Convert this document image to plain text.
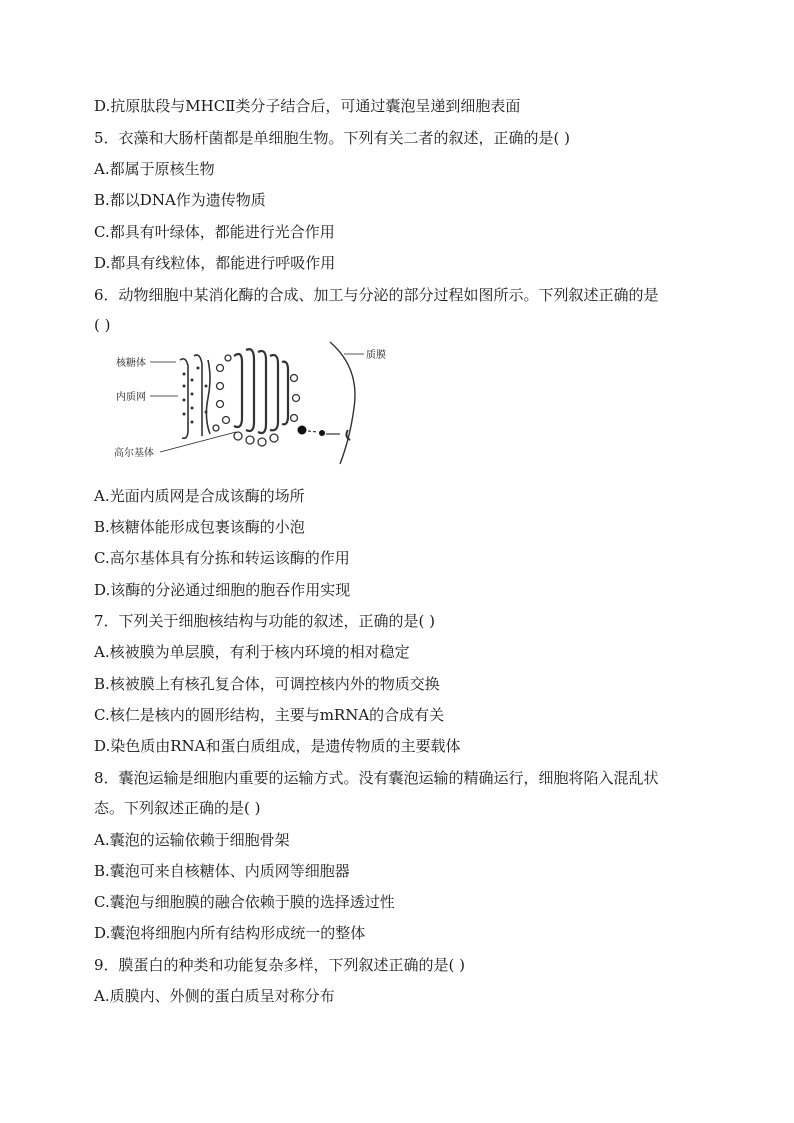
D.抗原肽段与MHCⅡ类分子结合后，可通过囊泡呈递到细胞表面
5．衣藻和大肠杆菌都是单细胞生物。下列有关二者的叙述，正确的是( )
A.都属于原核生物
B.都以DNA作为遗传物质
C.都具有叶绿体，都能进行光合作用
D.都具有线粒体，都能进行呼吸作用
6．动物细胞中某消化酶的合成、加工与分泌的部分过程如图所示。下列叙述正确的是
( )
核糖体
内质网
高尔基体
质膜
A.光面内质网是合成该酶的场所
B.核糖体能形成包裹该酶的小泡
C.高尔基体具有分拣和转运该酶的作用
D.该酶的分泌通过细胞的胞吞作用实现
7．下列关于细胞核结构与功能的叙述，正确的是( )
A.核被膜为单层膜，有利于核内环境的相对稳定
B.核被膜上有核孔复合体，可调控核内外的物质交换
C.核仁是核内的圆形结构，主要与mRNA的合成有关
D.染色质由RNA和蛋白质组成，是遗传物质的主要载体
8．囊泡运输是细胞内重要的运输方式。没有囊泡运输的精确运行，细胞将陷入混乱状
态。下列叙述正确的是( )
A.囊泡的运输依赖于细胞骨架
B.囊泡可来自核糖体、内质网等细胞器
C.囊泡与细胞膜的融合依赖于膜的选择透过性
D.囊泡将细胞内所有结构形成统一的整体
9．膜蛋白的种类和功能复杂多样，下列叙述正确的是( )
A.质膜内、外侧的蛋白质呈对称分布
